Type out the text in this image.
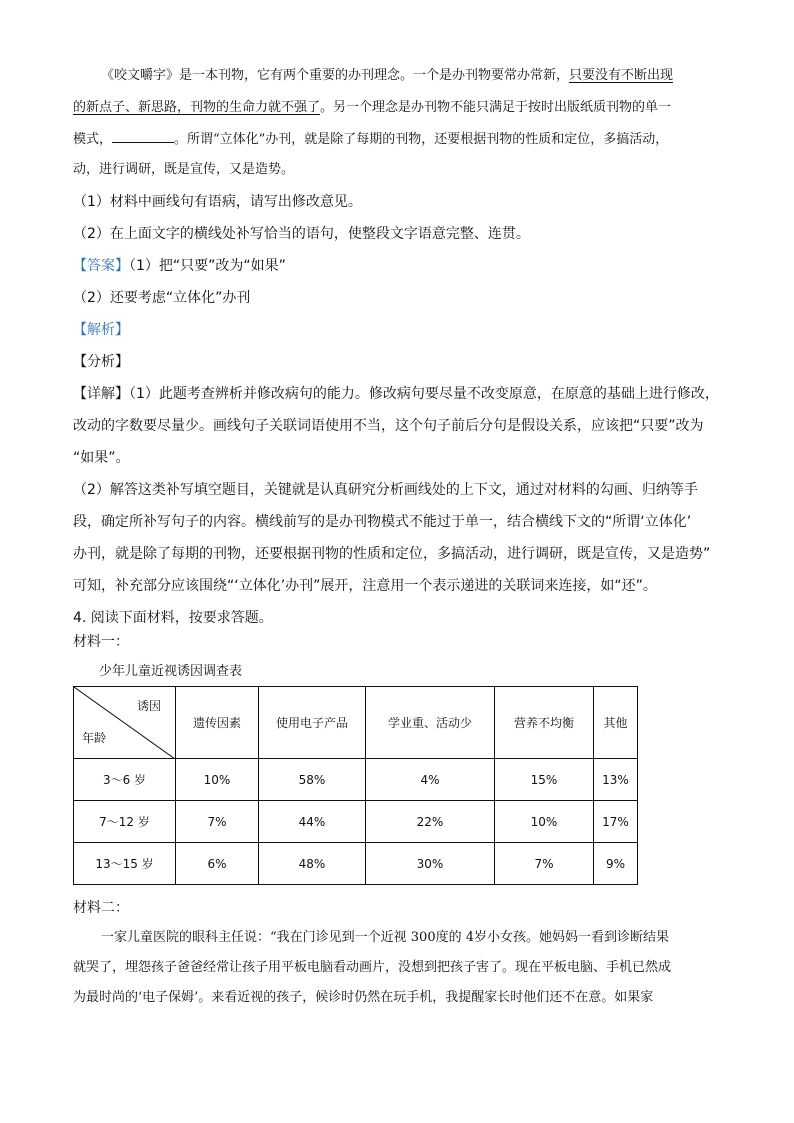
《咬文嚼字》是一本刊物，它有两个重要的办刊理念。一个是办刊物要常办常新，只要没有不断出现
的新点子、新思路，刊物的生命力就不强了。另一个理念是办刊物不能只满足于按时出版纸质刊物的单一
模式，	。所谓“立体化”办刊，就是除了每期的刊物，还要根据刊物的性质和定位，多搞活动，
动，进行调研，既是宣传，又是造势。
（1）材料中画线句有语病，请写出修改意见。
（2）在上面文字的横线处补写恰当的语句，使整段文字语意完整、连贯。
【答案】（1）把“只要”改为“如果”
（2）还要考虑“立体化”办刊
【解析】
【分析】
【详解】（1）此题考查辨析并修改病句的能力。修改病句要尽量不改变原意，在原意的基础上进行修改，
改动的字数要尽量少。画线句子关联词语使用不当，这个句子前后分句是假设关系，应该把“只要”改为
“如果”。
（2）解答这类补写填空题目，关键就是认真研究分析画线处的上下文，通过对材料的勾画、归纳等手
段，确定所补写句子的内容。横线前写的是办刊物模式不能过于单一，结合横线下文的“所谓‘立体化’
办刊，就是除了每期的刊物，还要根据刊物的性质和定位，多搞活动，进行调研，既是宣传，又是造势”
可知，补充部分应该围绕“‘立体化’办刊”展开，注意用一个表示递进的关联词来连接，如“还”。
4. 阅读下面材料，按要求答题。
材料一：
少年儿童近视诱因调查表
诱因
年龄	遗传因素	使用电子产品	学业重、活动少	营养不均衡	其他
3～6 岁	10%	58%	4%	15%	13%
7～12 岁	7%	44%	22%	10%	17%
13～15 岁	6%	48%	30%	7%	9%
材料二：
一家儿童医院的眼科主任说：“我在门诊见到一个近视 300度的 4岁小女孩。她妈妈一看到诊断结果
就哭了，埋怨孩子爸爸经常让孩子用平板电脑看动画片，没想到把孩子害了。现在平板电脑、手机已然成
为最时尚的‘电子保姆’。来看近视的孩子，候诊时仍然在玩手机，我提醒家长时他们还不在意。如果家
